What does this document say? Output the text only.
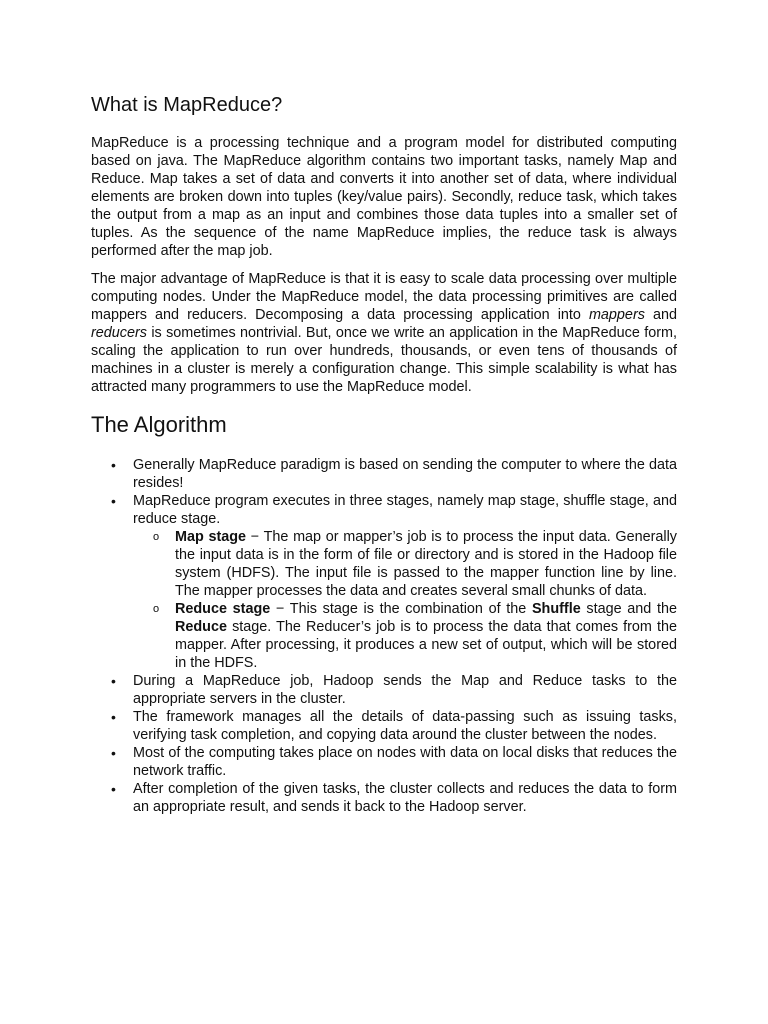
What is MapReduce?

MapReduce is a processing technique and a program model for distributed computing based on java. The MapReduce algorithm contains two important tasks, namely Map and Reduce. Map takes a set of data and converts it into another set of data, where individual elements are broken down into tuples (key/value pairs). Secondly, reduce task, which takes the output from a map as an input and combines those data tuples into a smaller set of tuples. As the sequence of the name MapReduce implies, the reduce task is always performed after the map job.

The major advantage of MapReduce is that it is easy to scale data processing over multiple computing nodes. Under the MapReduce model, the data processing primitives are called mappers and reducers. Decomposing a data processing application into mappers and reducers is sometimes nontrivial. But, once we write an application in the MapReduce form, scaling the application to run over hundreds, thousands, or even tens of thousands of machines in a cluster is merely a configuration change. This simple scalability is what has attracted many programmers to use the MapReduce model.

The Algorithm
• Generally MapReduce paradigm is based on sending the computer to where the data resides!
• MapReduce program executes in three stages, namely map stage, shuffle stage, and reduce stage.
o Map stage − The map or mapper’s job is to process the input data. Generally the input data is in the form of file or directory and is stored in the Hadoop file system (HDFS). The input file is passed to the mapper function line by line. The mapper processes the data and creates several small chunks of data.
o Reduce stage − This stage is the combination of the Shuffle stage and the Reduce stage. The Reducer’s job is to process the data that comes from the mapper. After processing, it produces a new set of output, which will be stored in the HDFS.
• During a MapReduce job, Hadoop sends the Map and Reduce tasks to the appropriate servers in the cluster.
• The framework manages all the details of data-passing such as issuing tasks, verifying task completion, and copying data around the cluster between the nodes.
• Most of the computing takes place on nodes with data on local disks that reduces the network traffic.
• After completion of the given tasks, the cluster collects and reduces the data to form an appropriate result, and sends it back to the Hadoop server.
